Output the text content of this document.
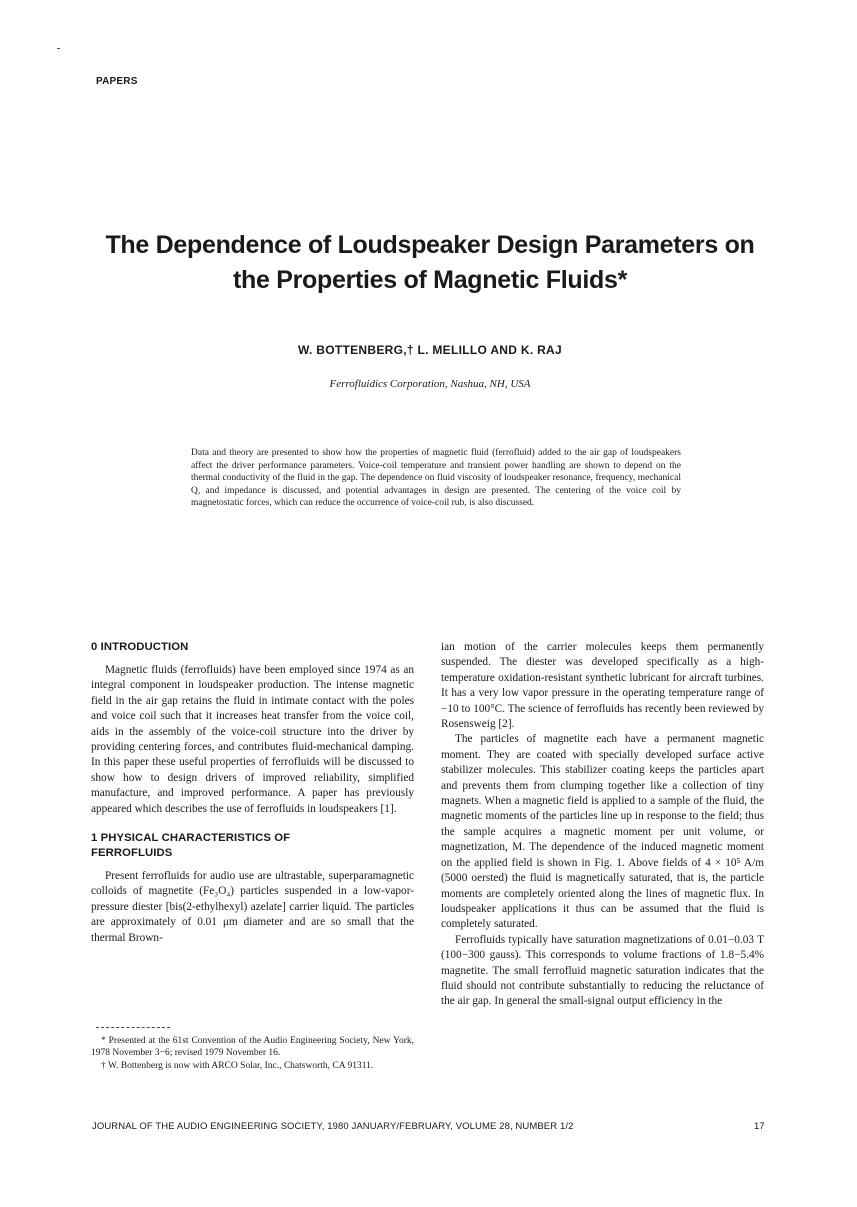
PAPERS
The Dependence of Loudspeaker Design Parameters on
the Properties of Magnetic Fluids*
W. BOTTENBERG,† L. MELILLO AND K. RAJ
Ferrofluidics Corporation, Nashua, NH, USA
Data and theory are presented to show how the properties of magnetic fluid (ferrofluid) added to the air gap of loudspeakers affect the driver performance parameters. Voice-coil temperature and transient power handling are shown to depend on the thermal conductivity of the fluid in the gap. The dependence on fluid viscosity of loudspeaker resonance, frequency, mechanical Q, and impedance is discussed, and potential advantages in design are presented. The centering of the voice coil by magnetostatic forces, which can reduce the occurrence of voice-coil rub, is also discussed.
0 INTRODUCTION

Magnetic fluids (ferrofluids) have been employed since 1974 as an integral component in loudspeaker production. The intense magnetic field in the air gap retains the fluid in intimate contact with the poles and voice coil such that it increases heat transfer from the voice coil, aids in the assembly of the voice-coil structure into the driver by providing centering forces, and contributes fluid-mechanical damping. In this paper these useful properties of ferrofluids will be discussed to show how to design drivers of improved reliability, simplified manufacture, and improved performance. A paper has previously appeared which describes the use of ferrofluids in loudspeakers [1].

1 PHYSICAL CHARACTERISTICS OF
FERROFLUIDS

Present ferrofluids for audio use are ultrastable, superparamagnetic colloids of magnetite (Fe₃O₄) particles suspended in a low-vapor-pressure diester [bis(2-ethylhexyl) azelate] carrier liquid. The particles are approximately of 0.01 μm diameter and are so small that the thermal Brown-

ian motion of the carrier molecules keeps them permanently suspended. The diester was developed specifically as a high-temperature oxidation-resistant synthetic lubricant for aircraft turbines. It has a very low vapor pressure in the operating temperature range of −10 to 100°C. The science of ferrofluids has recently been reviewed by Rosensweig [2].

The particles of magnetite each have a permanent magnetic moment. They are coated with specially developed surface active stabilizer molecules. This stabilizer coating keeps the particles apart and prevents them from clumping together like a collection of tiny magnets. When a magnetic field is applied to a sample of the fluid, the magnetic moments of the particles line up in response to the field; thus the sample acquires a magnetic moment per unit volume, or magnetization, M. The dependence of the induced magnetic moment on the applied field is shown in Fig. 1. Above fields of 4 × 10⁵ A/m (5000 oersted) the fluid is magnetically saturated, that is, the particle moments are completely oriented along the lines of magnetic flux. In loudspeaker applications it thus can be assumed that the fluid is completely saturated.

Ferrofluids typically have saturation magnetizations of 0.01−0.03 T (100−300 gauss). This corresponds to volume fractions of 1.8−5.4% magnetite. The small ferrofluid magnetic saturation indicates that the fluid should not contribute substantially to reducing the reluctance of the air gap. In general the small-signal output efficiency in the

* Presented at the 61st Convention of the Audio Engineering Society, New York, 1978 November 3−6; revised 1979 November 16.

† W. Bottenberg is now with ARCO Solar, Inc., Chatsworth, CA 91311.

JOURNAL OF THE AUDIO ENGINEERING SOCIETY, 1980 JANUARY/FEBRUARY, VOLUME 28, NUMBER 1/2	17
